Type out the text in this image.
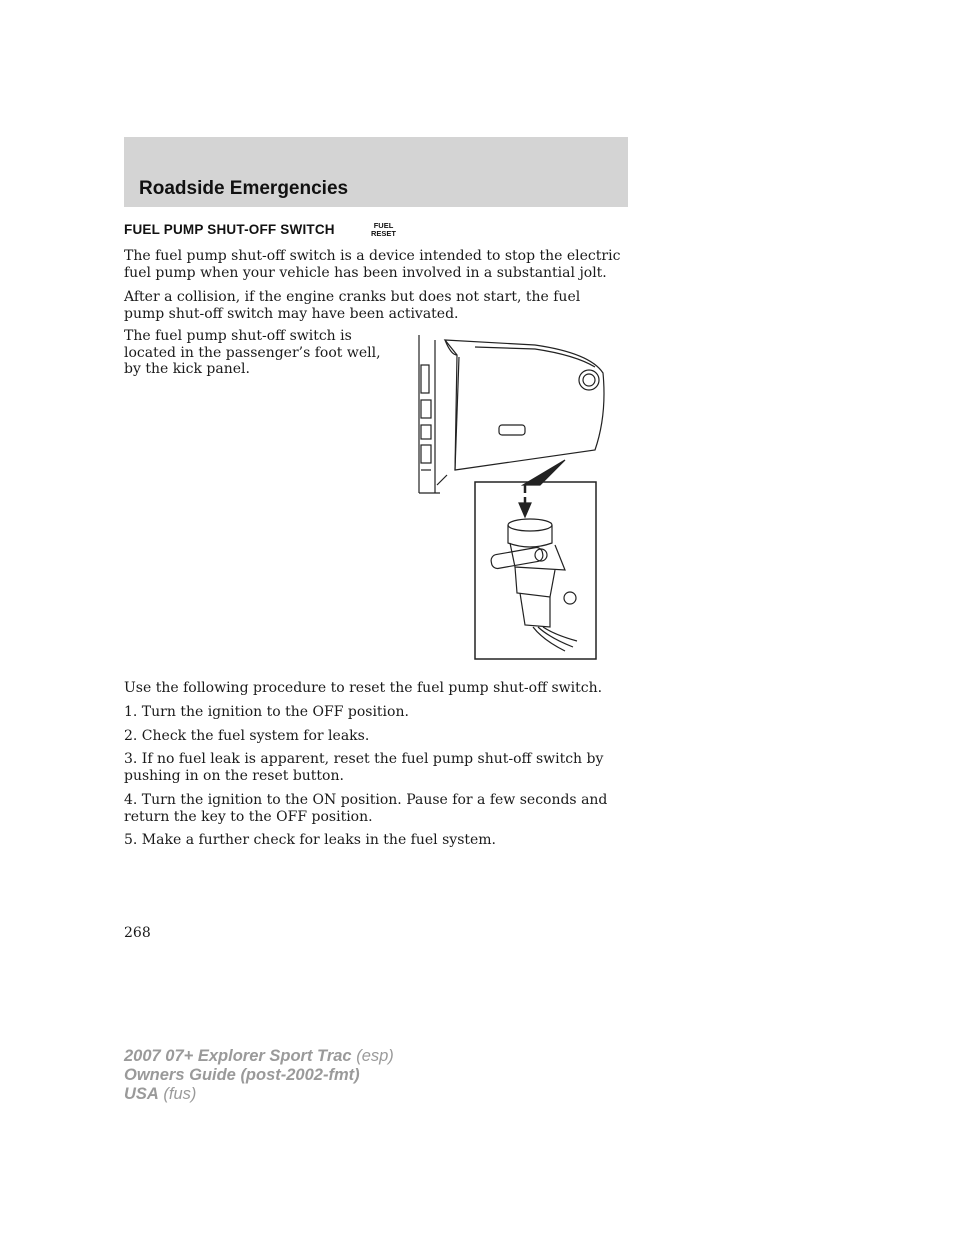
Roadside Emergencies
FUEL PUMP SHUT-OFF SWITCH	FUEL
RESET

The fuel pump shut-off switch is a device intended to stop the electric fuel pump when your vehicle has been involved in a substantial jolt.

After a collision, if the engine cranks but does not start, the fuel pump shut-off switch may have been activated.

The fuel pump shut-off switch is located in the passenger’s foot well, by the kick panel.

Use the following procedure to reset the fuel pump shut-off switch.

1. Turn the ignition to the OFF position.

2. Check the fuel system for leaks.

3. If no fuel leak is apparent, reset the fuel pump shut-off switch by pushing in on the reset button.

4. Turn the ignition to the ON position. Pause for a few seconds and return the key to the OFF position.

5. Make a further check for leaks in the fuel system.

268
2007 07+ Explorer Sport Trac (esp)
Owners Guide (post-2002-fmt)
USA (fus)
